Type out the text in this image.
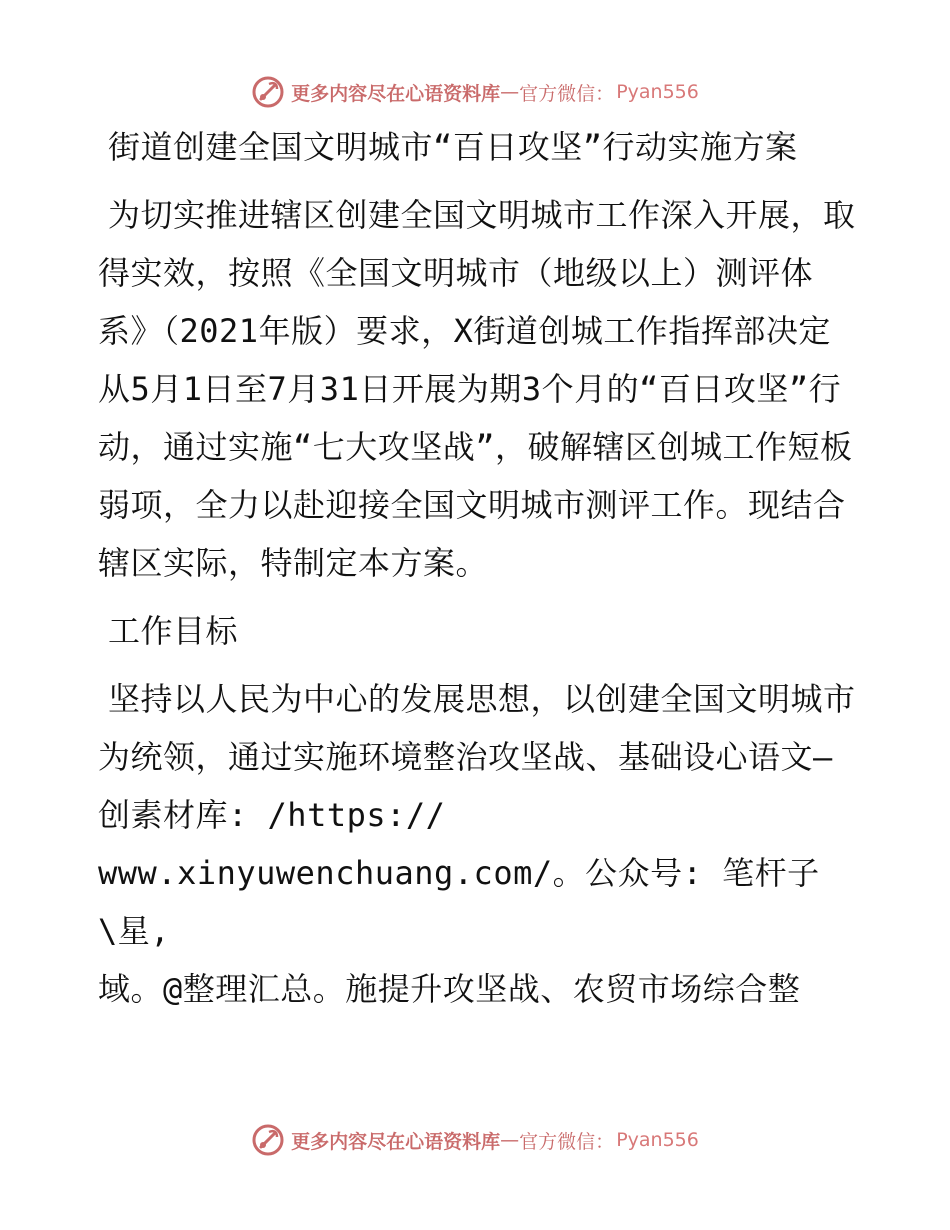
更多内容尽在心语资料库 — 官方微信： Pyan556

街道创建全国文明城市“百日攻坚”行动实施方案

为切实推进辖区创建全国文明城市工作深入开展，取得实效，按照《全国文明城市（地级以上）测评体系》（2021年版）要求，X街道创城工作指挥部决定从5月1日至7月31日开展为期3个月的“百日攻坚”行动，通过实施“七大攻坚战”，破解辖区创城工作短板弱项，全力以赴迎接全国文明城市测评工作。现结合辖区实际，特制定本方案。

工作目标

坚持以人民为中心的发展思想，以创建全国文明城市为统领，通过实施环境整治攻坚战、基础设心语文—创素材库: /https://

www.xinyuwenchuang.com/。公众号: 笔杆子\星,

域。@整理汇总。施提升攻坚战、农贸市场综合整

更多内容尽在心语资料库 — 官方微信： Pyan556
